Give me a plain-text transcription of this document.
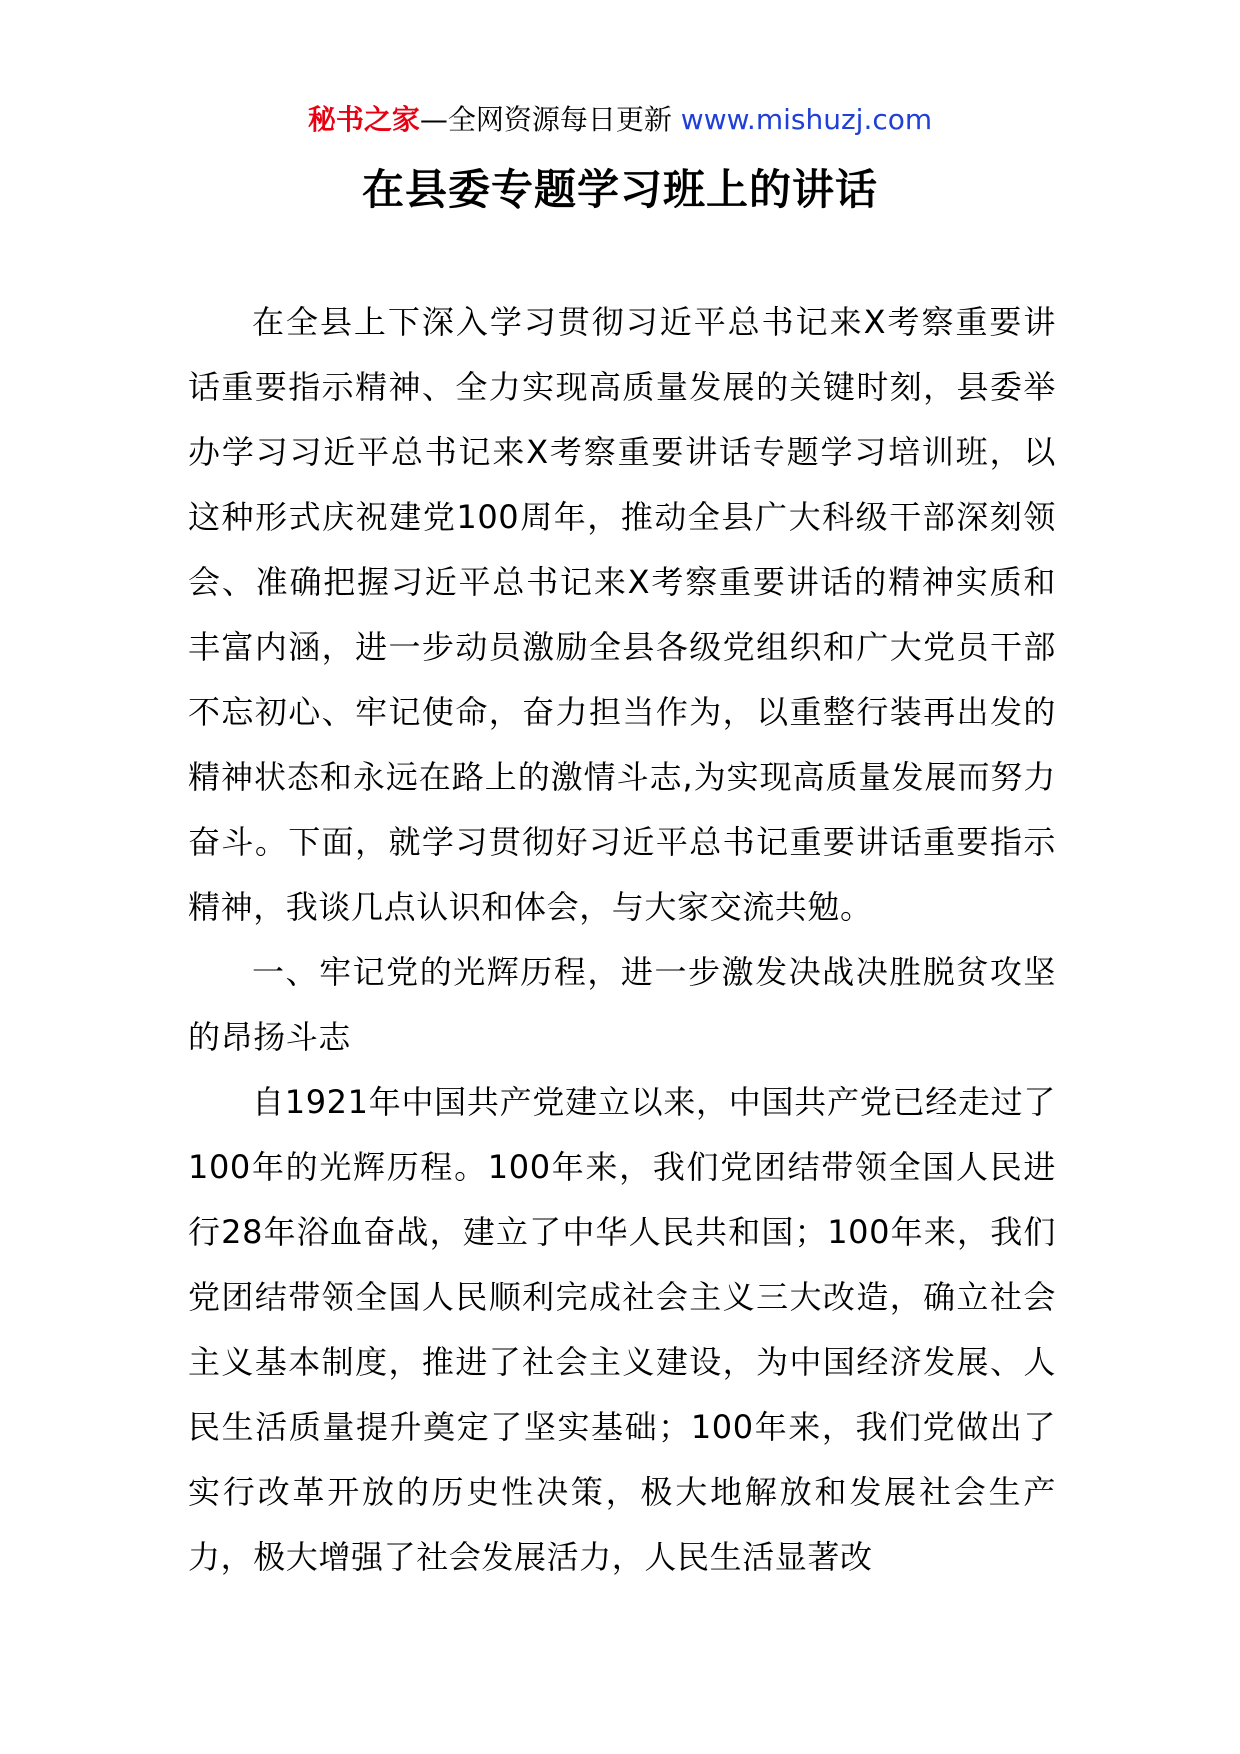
秘书之家—全网资源每日更新 www.mishuzj.com
在县委专题学习班上的讲话

在全县上下深入学习贯彻习近平总书记来X考察重要讲话重要指示精神、全力实现高质量发展的关键时刻，县委举办学习习近平总书记来X考察重要讲话专题学习培训班，以这种形式庆祝建党100周年，推动全县广大科级干部深刻领会、准确把握习近平总书记来X考察重要讲话的精神实质和丰富内涵，进一步动员激励全县各级党组织和广大党员干部不忘初心、牢记使命，奋力担当作为，以重整行装再出发的精神状态和永远在路上的激情斗志,为实现高质量发展而努力奋斗。下面，就学习贯彻好习近平总书记重要讲话重要指示精神，我谈几点认识和体会，与大家交流共勉。

一、牢记党的光辉历程，进一步激发决战决胜脱贫攻坚的昂扬斗志

自1921年中国共产党建立以来，中国共产党已经走过了100年的光辉历程。100年来，我们党团结带领全国人民进行28年浴血奋战，建立了中华人民共和国；100年来，我们党团结带领全国人民顺利完成社会主义三大改造，确立社会主义基本制度，推进了社会主义建设，为中国经济发展、人民生活质量提升奠定了坚实基础；100年来，我们党做出了实行改革开放的历史性决策，极大地解放和发展社会生产力，极大增强了社会发展活力，人民生活显著改
